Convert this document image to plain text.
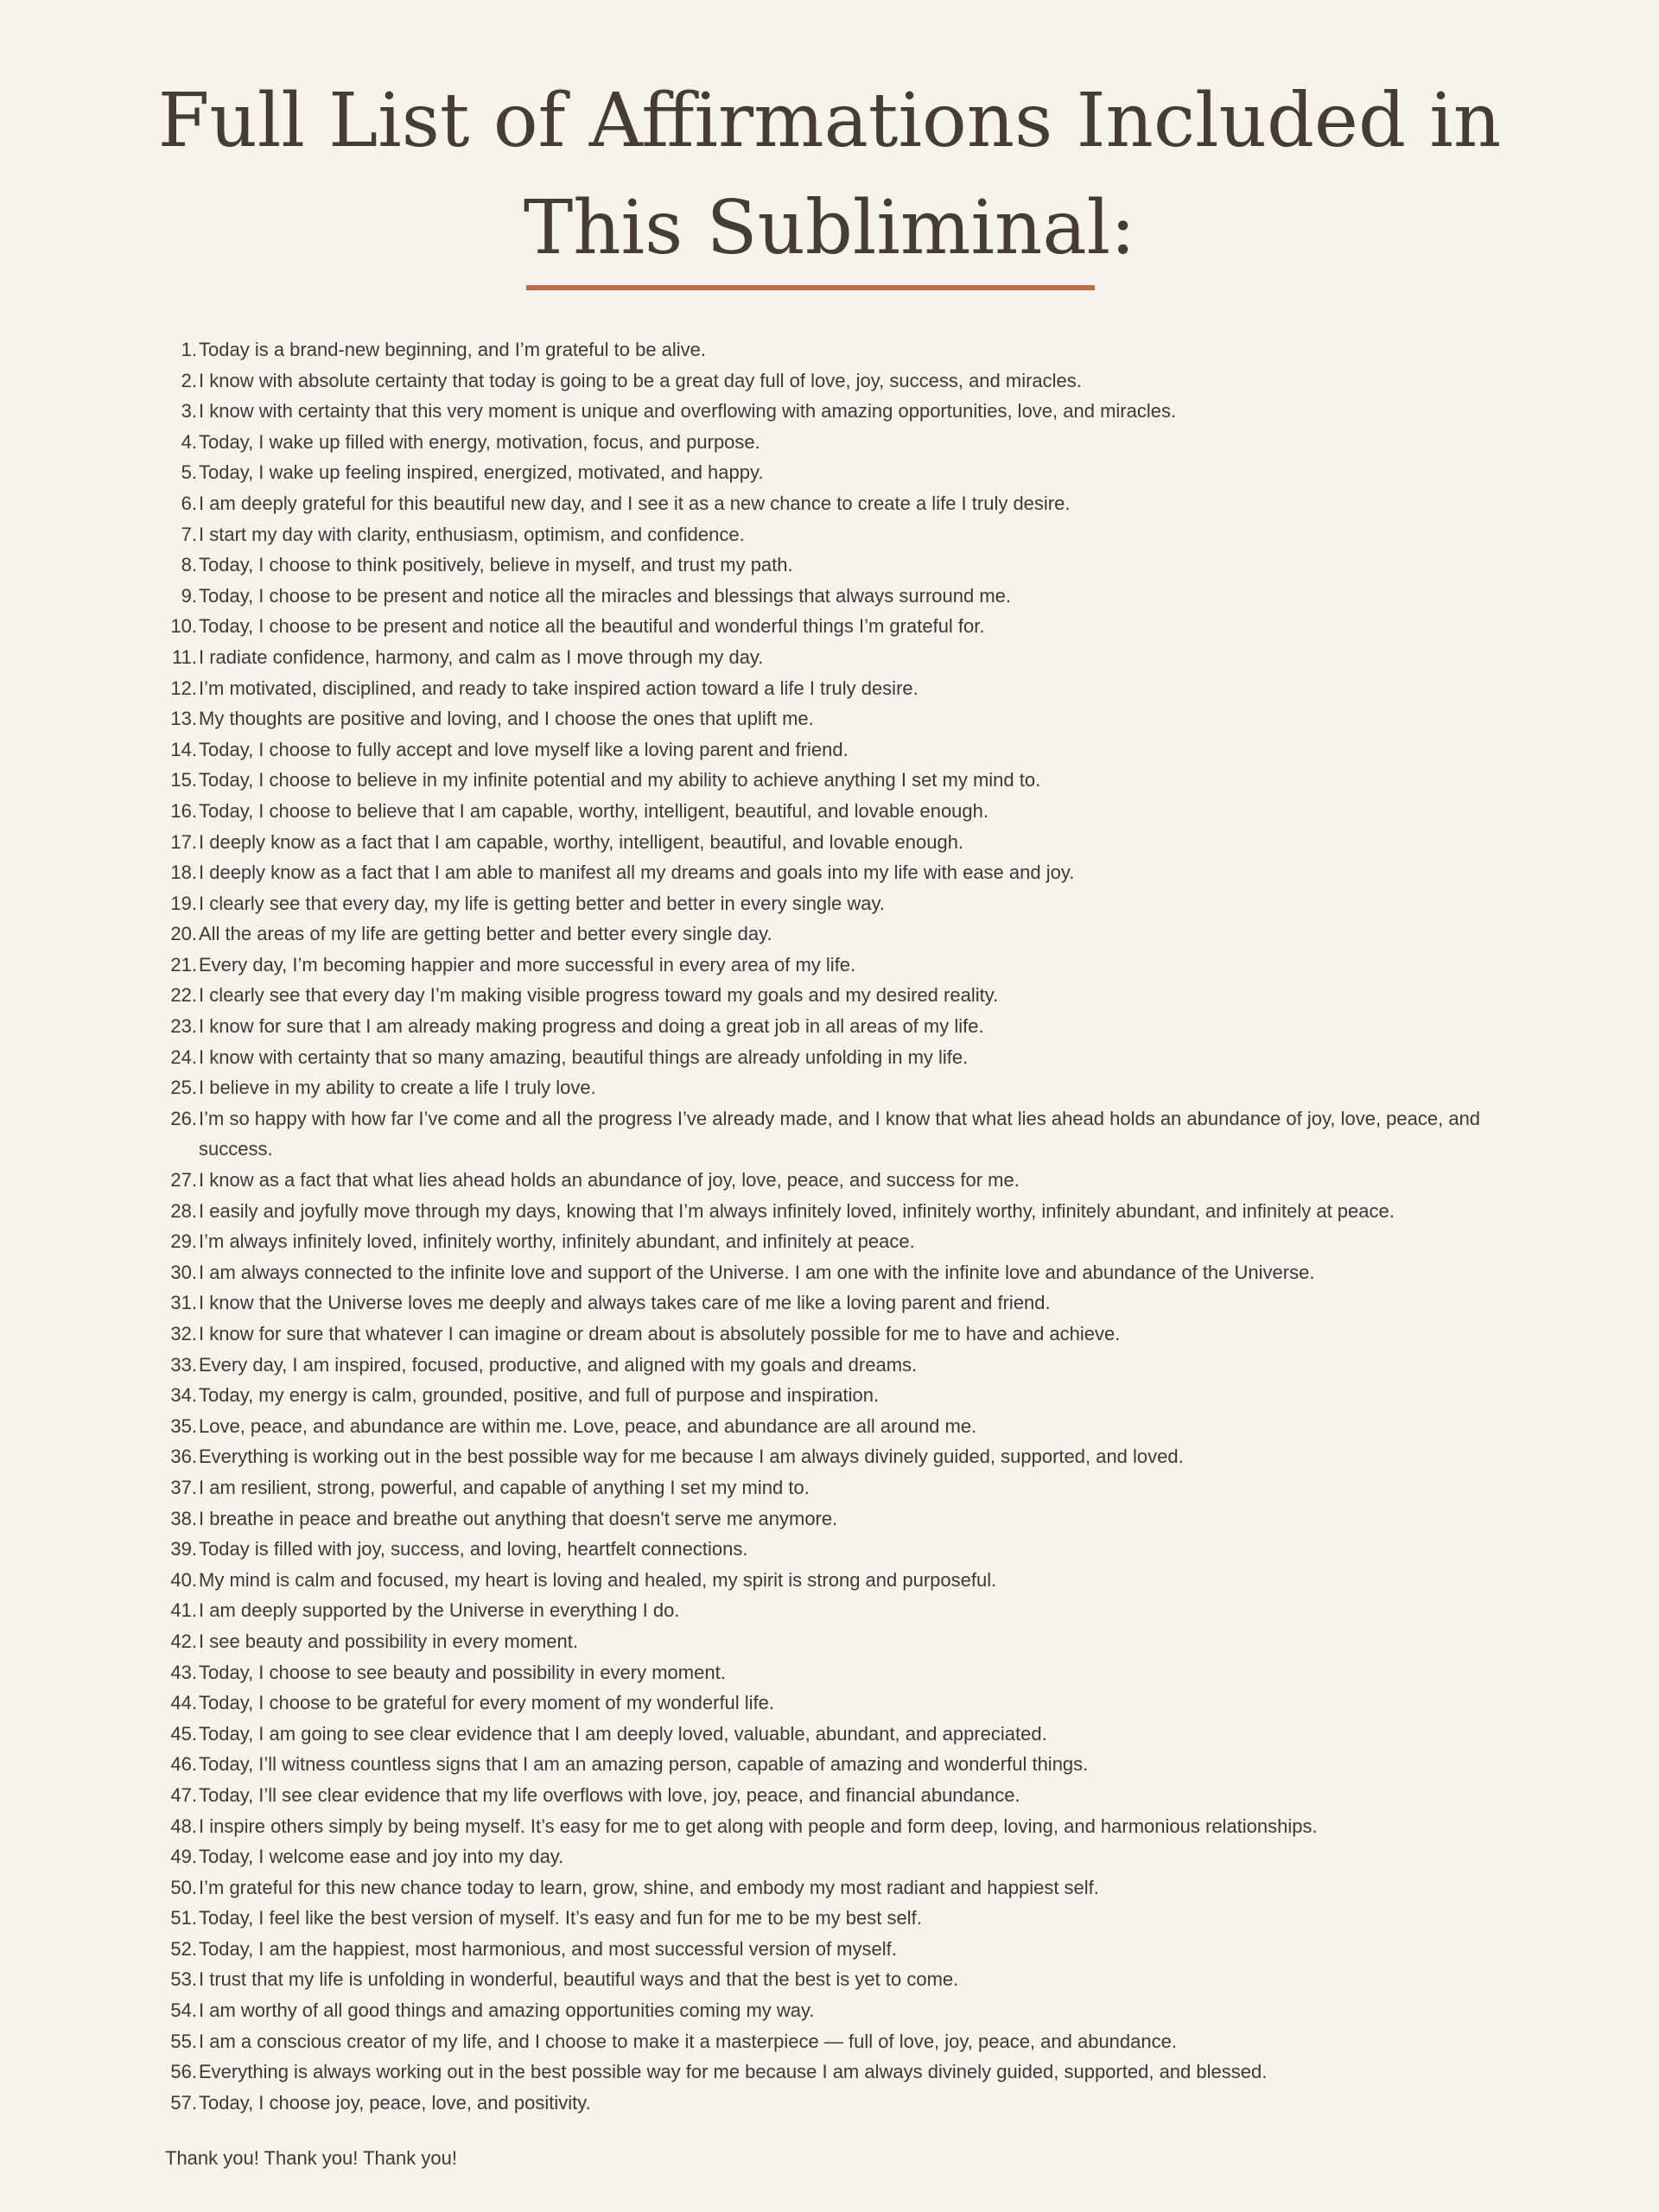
Full List of Affirmations Included in This Subliminal:
1. Today is a brand-new beginning, and I’m grateful to be alive.
2. I know with absolute certainty that today is going to be a great day full of love, joy, success, and miracles.
3. I know with certainty that this very moment is unique and overflowing with amazing opportunities, love, and miracles.
4. Today, I wake up filled with energy, motivation, focus, and purpose.
5. Today, I wake up feeling inspired, energized, motivated, and happy.
6. I am deeply grateful for this beautiful new day, and I see it as a new chance to create a life I truly desire.
7. I start my day with clarity, enthusiasm, optimism, and confidence.
8. Today, I choose to think positively, believe in myself, and trust my path.
9. Today, I choose to be present and notice all the miracles and blessings that always surround me.
10. Today, I choose to be present and notice all the beautiful and wonderful things I’m grateful for.
11. I radiate confidence, harmony, and calm as I move through my day.
12. I’m motivated, disciplined, and ready to take inspired action toward a life I truly desire.
13. My thoughts are positive and loving, and I choose the ones that uplift me.
14. Today, I choose to fully accept and love myself like a loving parent and friend.
15. Today, I choose to believe in my infinite potential and my ability to achieve anything I set my mind to.
16. Today, I choose to believe that I am capable, worthy, intelligent, beautiful, and lovable enough.
17. I deeply know as a fact that I am capable, worthy, intelligent, beautiful, and lovable enough.
18. I deeply know as a fact that I am able to manifest all my dreams and goals into my life with ease and joy.
19. I clearly see that every day, my life is getting better and better in every single way.
20. All the areas of my life are getting better and better every single day.
21. Every day, I’m becoming happier and more successful in every area of my life.
22. I clearly see that every day I’m making visible progress toward my goals and my desired reality.
23. I know for sure that I am already making progress and doing a great job in all areas of my life.
24. I know with certainty that so many amazing, beautiful things are already unfolding in my life.
25. I believe in my ability to create a life I truly love.
26. I’m so happy with how far I’ve come and all the progress I’ve already made, and I know that what lies ahead holds an abundance of joy, love, peace, and success.
27. I know as a fact that what lies ahead holds an abundance of joy, love, peace, and success for me.
28. I easily and joyfully move through my days, knowing that I’m always infinitely loved, infinitely worthy, infinitely abundant, and infinitely at peace.
29. I’m always infinitely loved, infinitely worthy, infinitely abundant, and infinitely at peace.
30. I am always connected to the infinite love and support of the Universe. I am one with the infinite love and abundance of the Universe.
31. I know that the Universe loves me deeply and always takes care of me like a loving parent and friend.
32. I know for sure that whatever I can imagine or dream about is absolutely possible for me to have and achieve.
33. Every day, I am inspired, focused, productive, and aligned with my goals and dreams.
34. Today, my energy is calm, grounded, positive, and full of purpose and inspiration.
35. Love, peace, and abundance are within me. Love, peace, and abundance are all around me.
36. Everything is working out in the best possible way for me because I am always divinely guided, supported, and loved.
37. I am resilient, strong, powerful, and capable of anything I set my mind to.
38. I breathe in peace and breathe out anything that doesn't serve me anymore.
39. Today is filled with joy, success, and loving, heartfelt connections.
40. My mind is calm and focused, my heart is loving and healed, my spirit is strong and purposeful.
41. I am deeply supported by the Universe in everything I do.
42. I see beauty and possibility in every moment.
43. Today, I choose to see beauty and possibility in every moment.
44. Today, I choose to be grateful for every moment of my wonderful life.
45. Today, I am going to see clear evidence that I am deeply loved, valuable, abundant, and appreciated.
46. Today, I’ll witness countless signs that I am an amazing person, capable of amazing and wonderful things.
47. Today, I’ll see clear evidence that my life overflows with love, joy, peace, and financial abundance.
48. I inspire others simply by being myself. It’s easy for me to get along with people and form deep, loving, and harmonious relationships.
49. Today, I welcome ease and joy into my day.
50. I’m grateful for this new chance today to learn, grow, shine, and embody my most radiant and happiest self.
51. Today, I feel like the best version of myself. It’s easy and fun for me to be my best self.
52. Today, I am the happiest, most harmonious, and most successful version of myself.
53. I trust that my life is unfolding in wonderful, beautiful ways and that the best is yet to come.
54. I am worthy of all good things and amazing opportunities coming my way.
55. I am a conscious creator of my life, and I choose to make it a masterpiece — full of love, joy, peace, and abundance.
56. Everything is always working out in the best possible way for me because I am always divinely guided, supported, and blessed.
57. Today, I choose joy, peace, love, and positivity.

Thank you! Thank you! Thank you!
